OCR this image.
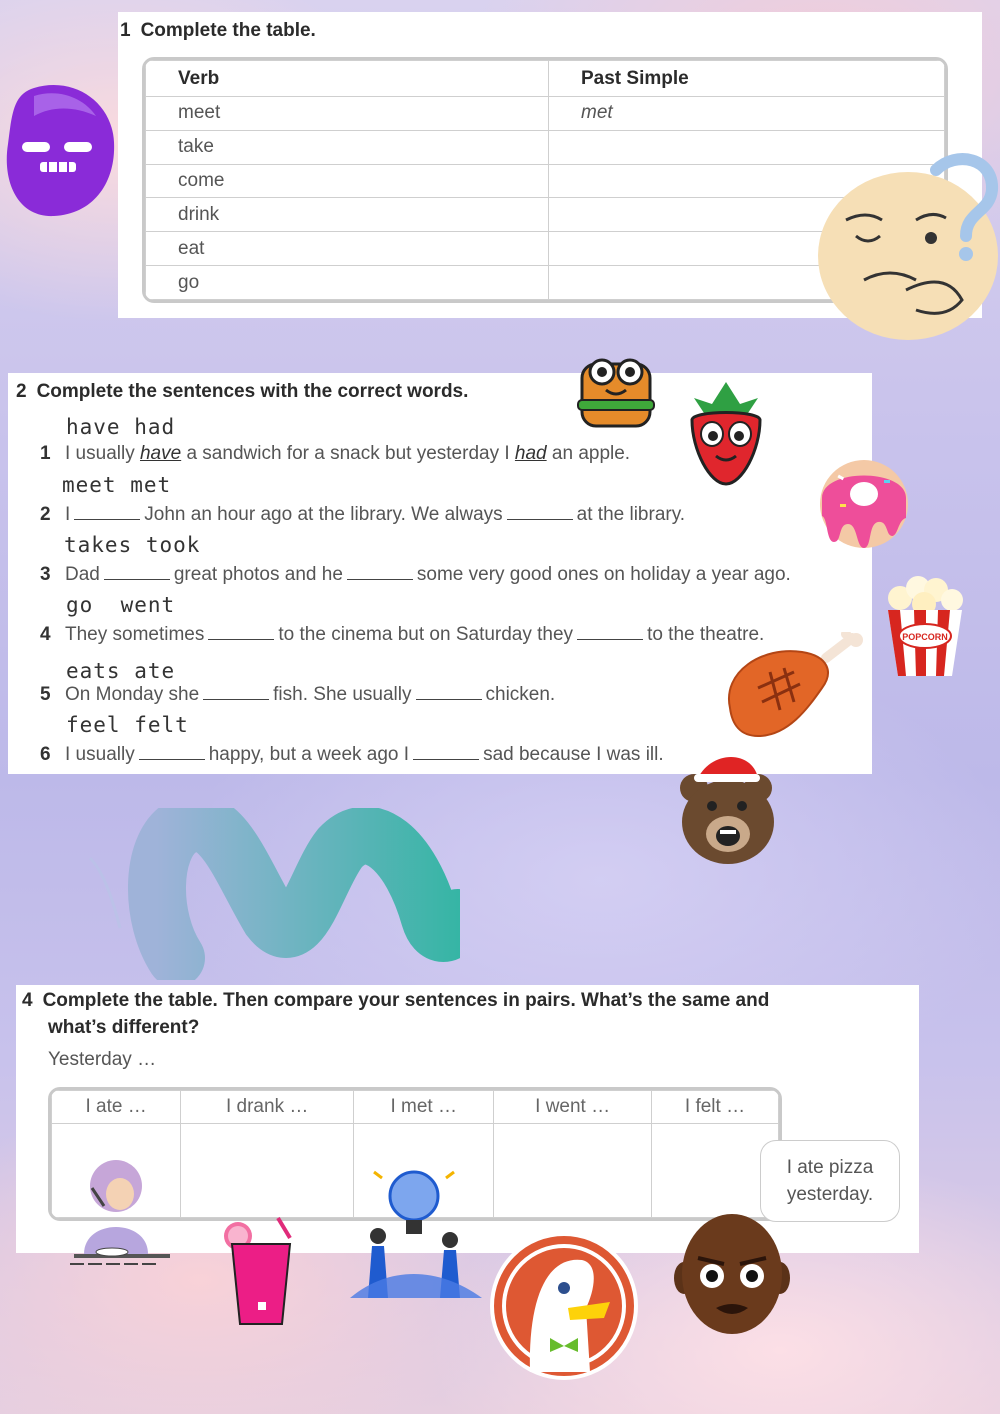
1 Complete the table.
Verb	Past Simple
meet	met
take	
come	
drink	
eat	
go	
2 Complete the sentences with the correct words.
have had
1 I usually have a sandwich for a snack but yesterday I had an apple.
meet met
2 I	John an hour ago at the library. We always	at the library.
takes took
3 Dad	great photos and he	some very good ones on holiday a year ago.
go  went
4 They sometimes	to the cinema but on Saturday they	to the theatre.
eats ate
5 On Monday she	fish. She usually	chicken.
feel felt
6 I usually	happy, but a week ago I	sad because I was ill.
POPCORN
4 Complete the table. Then compare your sentences in pairs. What’s the same and
what’s different?
Yesterday …
I ate …	I drank …	I met …	I went …	I felt …

I ate pizza
yesterday.
